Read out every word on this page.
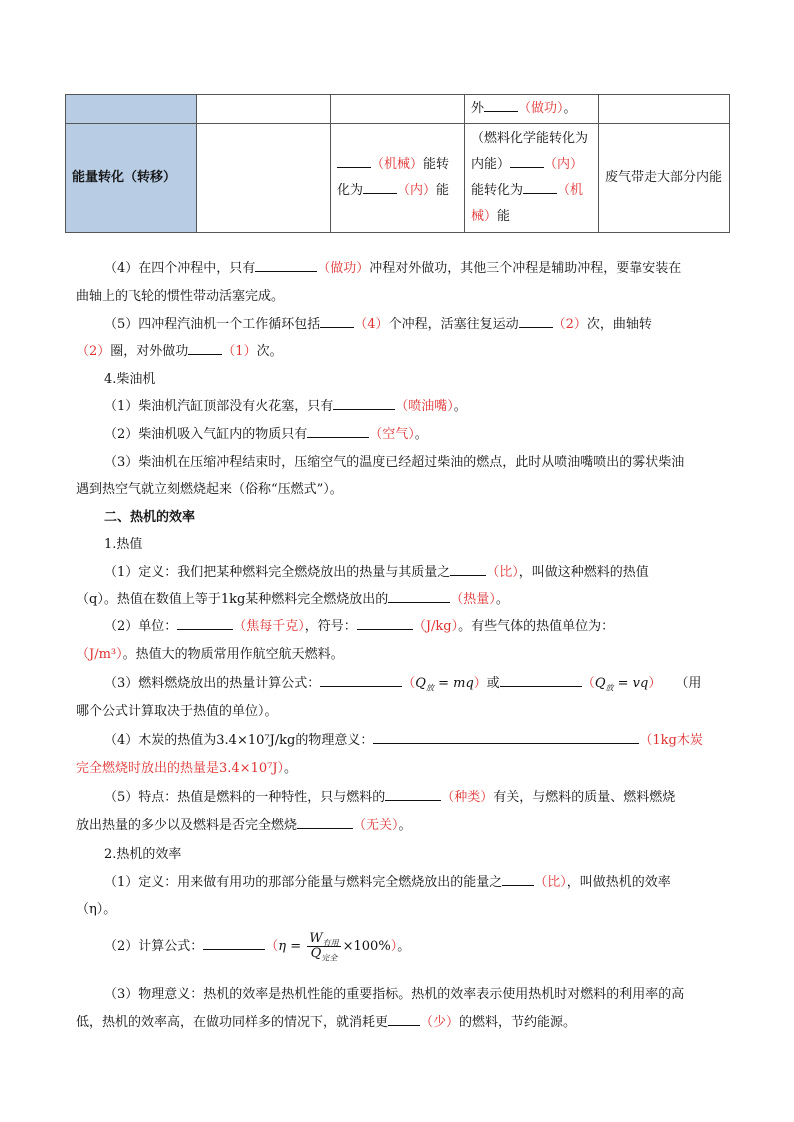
			外 （做功）。	
能量转化（转移）		（机械）能转化为 （内）能	（燃料化学能转化为内能） （内）能转化为 （机械）能	废气带走大部分内能
（4）在四个冲程中，只有	（做功）冲程对外做功，其他三个冲程是辅助冲程，要靠安装在
曲轴上的飞轮的惯性带动活塞完成。
（5）四冲程汽油机一个工作循环包括	（4）个冲程，活塞往复运动	（2）次，曲轴转
（2）圈，对外做功	（1）次。
4.柴油机
（1）柴油机汽缸顶部没有火花塞，只有	（喷油嘴）。
（2）柴油机吸入气缸内的物质只有	（空气）。
（3）柴油机在压缩冲程结束时，压缩空气的温度已经超过柴油的燃点，此时从喷油嘴喷出的雾状柴油
遇到热空气就立刻燃烧起来（俗称“压燃式”）。
二、热机的效率
1.热值
（1）定义：我们把某种燃料完全燃烧放出的热量与其质量之	（比），叫做这种燃料的热值
（q）。热值在数值上等于1kg某种燃料完全燃烧放出的	（热量）。
（2）单位：	（焦每千克），符号：	（J/kg）。有些气体的热值单位为：
（J/m³）。热值大的物质常用作航空航天燃料。
（3）燃料燃烧放出的热量计算公式：	$(Q_放 = mq)$或	$(Q_放 = vq)$ （用
哪个公式计算取决于热值的单位）。
（4）木炭的热值为3.4×10⁷J/kg的物理意义：	（1kg木炭
完全燃烧时放出的热量是3.4×10⁷J）。
（5）特点：热值是燃料的一种特性，只与燃料的	（种类）有关，与燃料的质量、燃料燃烧
放出热量的多少以及燃料是否完全燃烧	（无关）。
2.热机的效率
（1）定义：用来做有用功的那部分能量与燃料完全燃烧放出的能量之 （比），叫做热机的效率
（η）。
（2）计算公式：	$(\eta = \frac{W_{有用}}{Q_{完全}} \times 100\%)$。
（3）物理意义：热机的效率是热机性能的重要指标。热机的效率表示使用热机时对燃料的利用率的高
低，热机的效率高，在做功同样多的情况下，就消耗更 （少）的燃料，节约能源。
